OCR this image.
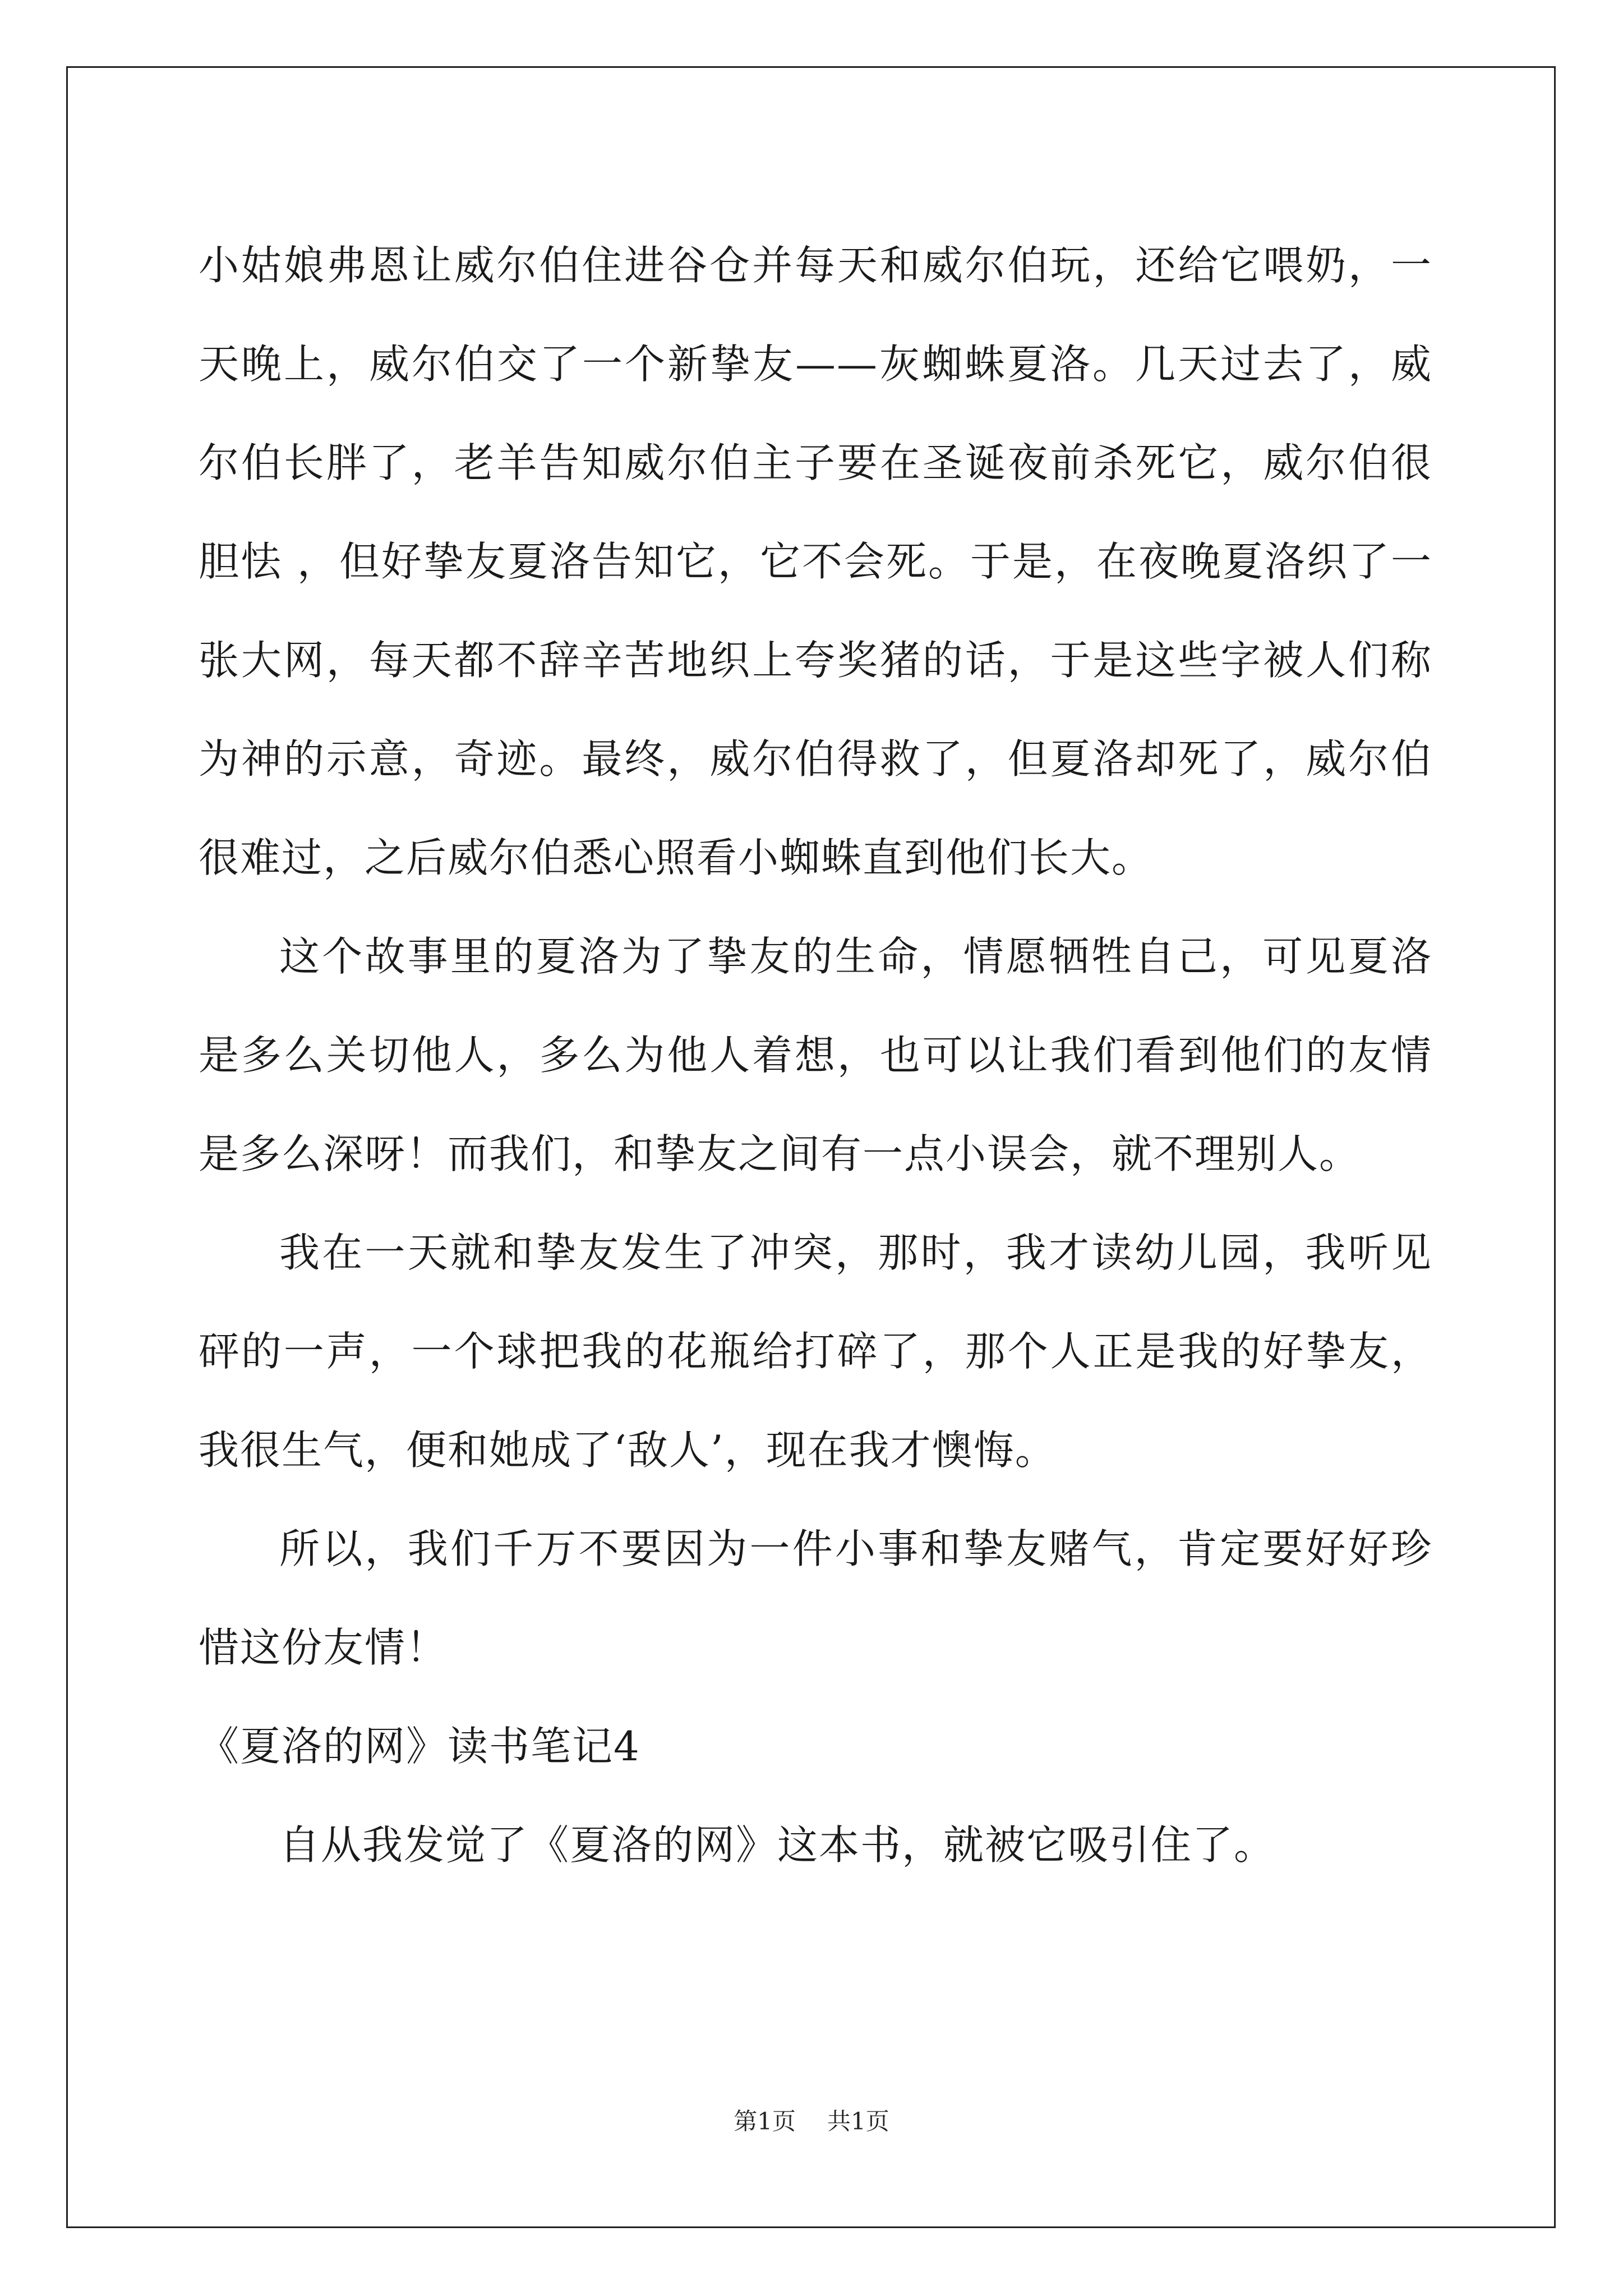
小姑娘弗恩让威尔伯住进谷仓并每天和威尔伯玩，还给它喂奶，一天晚上，威尔伯交了一个新挚友——灰蜘蛛夏洛。几天过去了，威尔伯长胖了，老羊告知威尔伯主子要在圣诞夜前杀死它，威尔伯很胆怯 ，但好挚友夏洛告知它，它不会死。于是，在夜晚夏洛织了一张大网，每天都不辞辛苦地织上夸奖猪的话，于是这些字被人们称为神的示意，奇迹。最终，威尔伯得救了，但夏洛却死了，威尔伯很难过，之后威尔伯悉心照看小蜘蛛直到他们长大。

这个故事里的夏洛为了挚友的生命，情愿牺牲自己，可见夏洛是多么关切他人，多么为他人着想，也可以让我们看到他们的友情是多么深呀！而我们，和挚友之间有一点小误会，就不理别人。

我在一天就和挚友发生了冲突，那时，我才读幼儿园，我听见砰的一声，一个球把我的花瓶给打碎了，那个人正是我的好挚友，我很生气，便和她成了‘敌人’，现在我才懊悔。

所以，我们千万不要因为一件小事和挚友赌气，肯定要好好珍惜这份友情！

《夏洛的网》读书笔记4

自从我发觉了《夏洛的网》这本书，就被它吸引住了。

第1页 共1页
